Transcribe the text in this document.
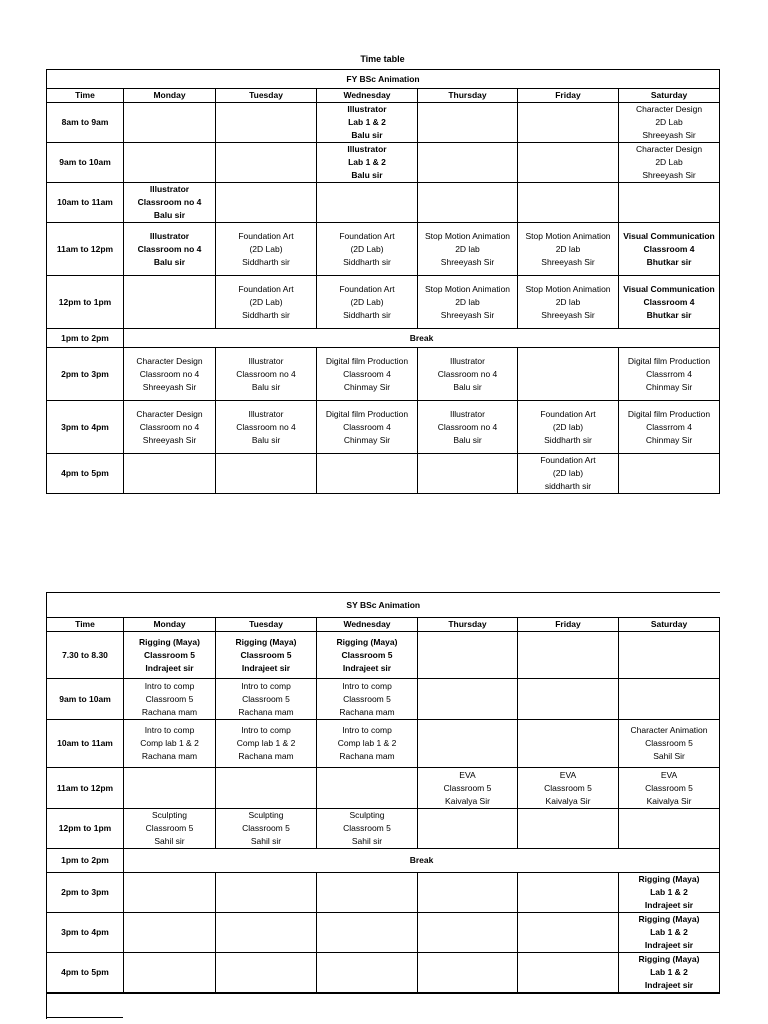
Time table
FY BSc Animation						
Time	Monday	Tuesday	Wednesday	Thursday	Friday	Saturday
8am to 9am			Illustrator
Lab 1 & 2
Balu sir			Character Design
2D Lab
Shreeyash Sir

9am to 10am			Illustrator
Lab 1 & 2
Balu sir			Character Design
2D Lab
Shreeyash Sir

10am to 11am	Illustrator
Classroom no 4
Balu sir					

11am to 12pm	Illustrator
Classroom no 4
Balu sir	Foundation Art
(2D Lab)
Siddharth sir	Foundation Art
(2D Lab)
Siddharth sir	Stop Motion Animation
2D lab
Shreeyash Sir	Stop Motion Animation
2D lab
Shreeyash Sir	Visual Communication
Classroom 4
Bhutkar sir

12pm to 1pm		Foundation Art
(2D Lab)
Siddharth sir	Foundation Art
(2D Lab)
Siddharth sir	Stop Motion Animation
2D lab
Shreeyash Sir	Stop Motion Animation
2D lab
Shreeyash Sir	Visual Communication
Classroom 4
Bhutkar sir

1pm to 2pm	Break					
2pm to 3pm	Character Design
Classroom no 4
Shreeyash Sir	Illustrator
Classroom no 4
Balu sir	Digital film Production
Classroom 4
Chinmay Sir	Illustrator
Classroom no 4
Balu sir		Digital film Production
Classrrom 4
Chinmay Sir

3pm to 4pm	Character Design
Classroom no 4
Shreeyash Sir	Illustrator
Classroom no 4
Balu sir	Digital film Production
Classroom 4
Chinmay Sir	Illustrator
Classroom no 4
Balu sir	Foundation Art
(2D lab)
Siddharth sir	Digital film Production
Classrrom 4
Chinmay Sir

4pm to 5pm					Foundation Art
(2D lab)
siddharth sir	

SY BSc Animation						
Time	Monday	Tuesday	Wednesday	Thursday	Friday	Saturday
7.30 to 8.30	Rigging (Maya)
Classroom 5
Indrajeet sir	Rigging (Maya)
Classroom 5
Indrajeet sir	Rigging (Maya)
Classroom 5
Indrajeet sir			

9am to 10am	Intro to comp
Classroom 5
Rachana mam	Intro to comp
Classroom 5
Rachana mam	Intro to comp
Classroom 5
Rachana mam			

10am to 11am	Intro to comp
Comp lab 1 & 2
Rachana mam	Intro to comp
Comp lab 1 & 2
Rachana mam	Intro to comp
Comp lab 1 & 2
Rachana mam			Character Animation
Classroom 5
Sahil Sir

11am to 12pm				EVA
Classroom 5
Kaivalya Sir	EVA
Classroom 5
Kaivalya Sir	EVA
Classroom 5
Kaivalya Sir

12pm to 1pm	Sculpting
Classroom 5
Sahil sir	Sculpting
Classroom 5
Sahil sir	Sculpting
Classroom 5
Sahil sir			

1pm to 2pm	Break					
2pm to 3pm						Rigging (Maya)
Lab 1 & 2
Indrajeet sir

3pm to 4pm						Rigging (Maya)
Lab 1 & 2
Indrajeet sir

4pm to 5pm						Rigging (Maya)
Lab 1 & 2
Indrajeet sir
